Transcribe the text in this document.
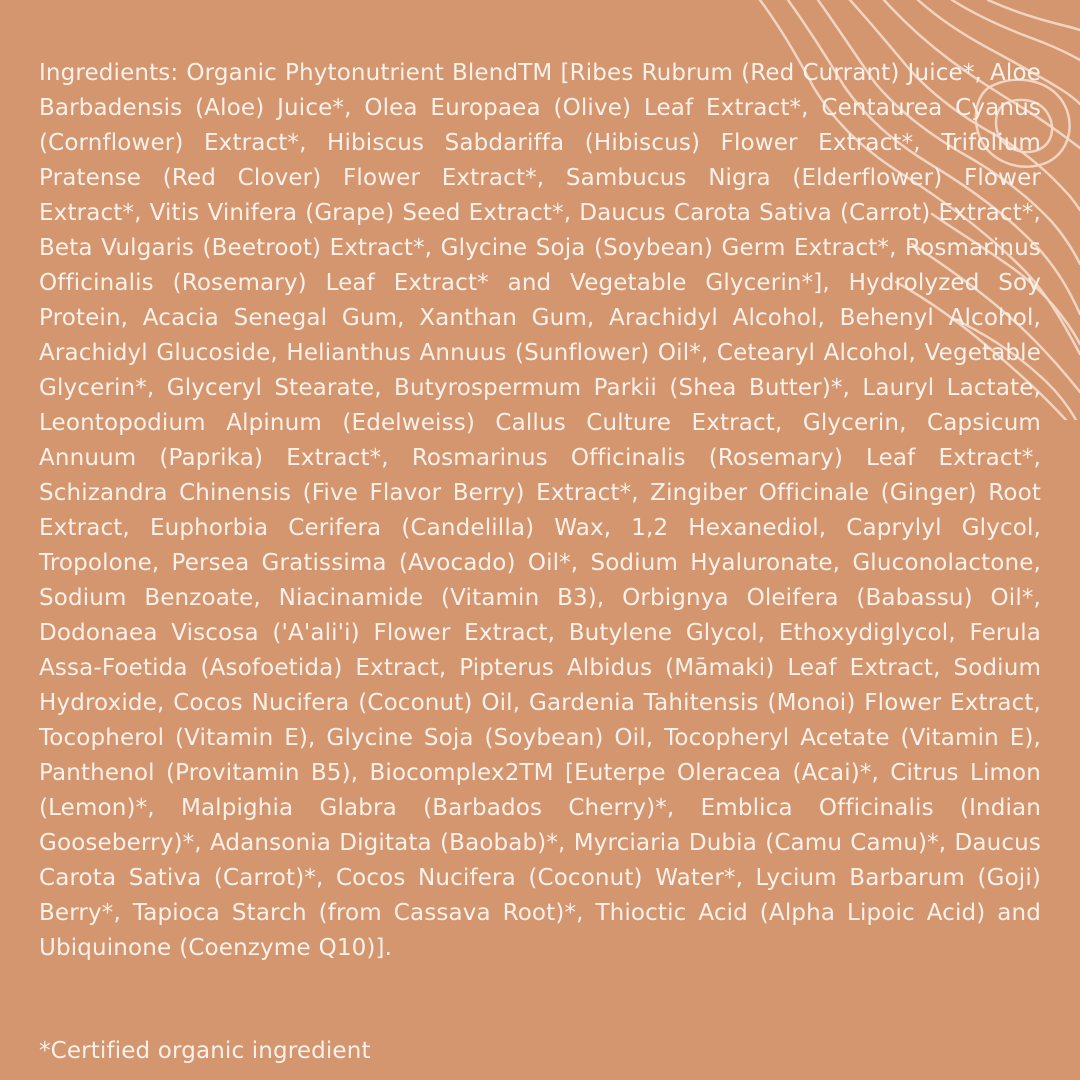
Ingredients: Organic Phytonutrient BlendTM [Ribes Rubrum (Red Currant) Juice*, Aloe Barbadensis (Aloe) Juice*, Olea Europaea (Olive) Leaf Extract*, Centaurea Cyanus (Cornflower) Extract*, Hibiscus Sabdariffa (Hibiscus) Flower Extract*, Trifolium Pratense (Red Clover) Flower Extract*, Sambucus Nigra (Elderflower) Flower Extract*, Vitis Vinifera (Grape) Seed Extract*, Daucus Carota Sativa (Carrot) Extract*, Beta Vulgaris (Beetroot) Extract*, Glycine Soja (Soybean) Germ Extract*, Rosmarinus Officinalis (Rosemary) Leaf Extract* and Vegetable Glycerin*], Hydrolyzed Soy Protein, Acacia Senegal Gum, Xanthan Gum, Arachidyl Alcohol, Behenyl Alcohol, Arachidyl Glucoside, Helianthus Annuus (Sunflower) Oil*, Cetearyl Alcohol, Vegetable Glycerin*, Glyceryl Stearate, Butyrospermum Parkii (Shea Butter)*, Lauryl Lactate, Leontopodium Alpinum (Edelweiss) Callus Culture Extract, Glycerin, Capsicum Annuum (Paprika) Extract*, Rosmarinus Officinalis (Rosemary) Leaf Extract*, Schizandra Chinensis (Five Flavor Berry) Extract*, Zingiber Officinale (Ginger) Root Extract, Euphorbia Cerifera (Candelilla) Wax, 1,2 Hexanediol, Caprylyl Glycol, Tropolone, Persea Gratissima (Avocado) Oil*, Sodium Hyaluronate, Gluconolactone, Sodium Benzoate, Niacinamide (Vitamin B3), Orbignya Oleifera (Babassu) Oil*, Dodonaea Viscosa ('A'ali'i) Flower Extract, Butylene Glycol, Ethoxydiglycol, Ferula Assa-Foetida (Asofoetida) Extract, Pipterus Albidus (Māmaki) Leaf Extract, Sodium Hydroxide, Cocos Nucifera (Coconut) Oil, Gardenia Tahitensis (Monoi) Flower Extract, Tocopherol (Vitamin E), Glycine Soja (Soybean) Oil, Tocopheryl Acetate (Vitamin E), Panthenol (Provitamin B5), Biocomplex2TM [Euterpe Oleracea (Acai)*, Citrus Limon (Lemon)*, Malpighia Glabra (Barbados Cherry)*, Emblica Officinalis (Indian Gooseberry)*, Adansonia Digitata (Baobab)*, Myrciaria Dubia (Camu Camu)*, Daucus Carota Sativa (Carrot)*, Cocos Nucifera (Coconut) Water*, Lycium Barbarum (Goji) Berry*, Tapioca Starch (from Cassava Root)*, Thioctic Acid (Alpha Lipoic Acid) and Ubiquinone (Coenzyme Q10)].

*Certified organic ingredient
